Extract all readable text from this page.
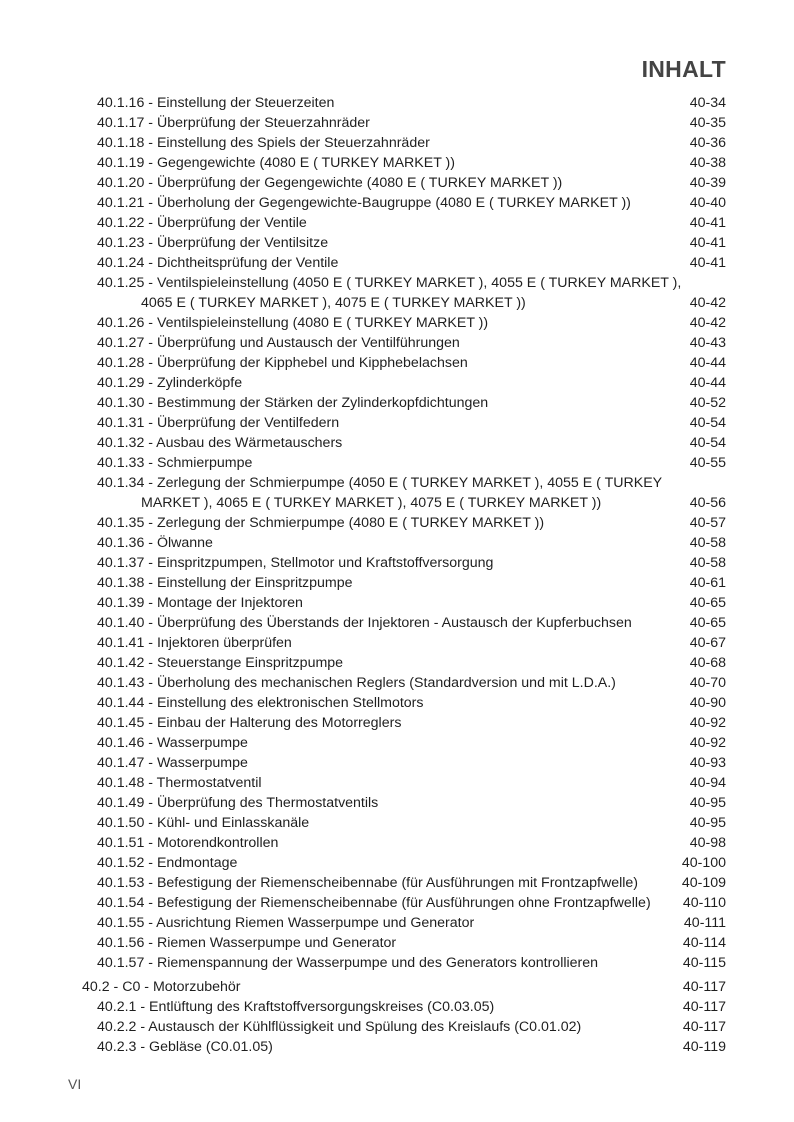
INHALT
40.1.16 - Einstellung der Steuerzeiten	40-34
40.1.17 - Überprüfung der Steuerzahnräder	40-35
40.1.18 - Einstellung des Spiels der Steuerzahnräder	40-36
40.1.19 - Gegengewichte (4080 E ( TURKEY MARKET ))	40-38
40.1.20 - Überprüfung der Gegengewichte (4080 E ( TURKEY MARKET ))	40-39
40.1.21 - Überholung der Gegengewichte-Baugruppe (4080 E ( TURKEY MARKET ))	40-40
40.1.22 - Überprüfung der Ventile	40-41
40.1.23 - Überprüfung der Ventilsitze	40-41
40.1.24 - Dichtheitsprüfung der Ventile	40-41
40.1.25 - Ventilspieleinstellung (4050 E ( TURKEY MARKET ), 4055 E ( TURKEY MARKET ), 4065 E ( TURKEY MARKET ), 4075 E ( TURKEY MARKET ))	40-42
40.1.26 - Ventilspieleinstellung (4080 E ( TURKEY MARKET ))	40-42
40.1.27 - Überprüfung und Austausch der Ventilführungen	40-43
40.1.28 - Überprüfung der Kipphebel und Kipphebelachsen	40-44
40.1.29 - Zylinderköpfe	40-44
40.1.30 - Bestimmung der Stärken der Zylinderkopfdichtungen	40-52
40.1.31 - Überprüfung der Ventilfedern	40-54
40.1.32 - Ausbau des Wärmetauschers	40-54
40.1.33 - Schmierpumpe	40-55
40.1.34 - Zerlegung der Schmierpumpe (4050 E ( TURKEY MARKET ), 4055 E ( TURKEY MARKET ), 4065 E ( TURKEY MARKET ), 4075 E ( TURKEY MARKET ))	40-56
40.1.35 - Zerlegung der Schmierpumpe (4080 E ( TURKEY MARKET ))	40-57
40.1.36 - Ölwanne	40-58
40.1.37 - Einspritzpumpen, Stellmotor und Kraftstoffversorgung	40-58
40.1.38 - Einstellung der Einspritzpumpe	40-61
40.1.39 - Montage der Injektoren	40-65
40.1.40 - Überprüfung des Überstands der Injektoren - Austausch der Kupferbuchsen	40-65
40.1.41 - Injektoren überprüfen	40-67
40.1.42 - Steuerstange Einspritzpumpe	40-68
40.1.43 - Überholung des mechanischen Reglers (Standardversion und mit L.D.A.)	40-70
40.1.44 - Einstellung des elektronischen Stellmotors	40-90
40.1.45 - Einbau der Halterung des Motorreglers	40-92
40.1.46 - Wasserpumpe	40-92
40.1.47 - Wasserpumpe	40-93
40.1.48 - Thermostatventil	40-94
40.1.49 - Überprüfung des Thermostatventils	40-95
40.1.50 - Kühl- und Einlasskanäle	40-95
40.1.51 - Motorendkontrollen	40-98
40.1.52 - Endmontage	40-100
40.1.53 - Befestigung der Riemenscheibennabe (für Ausführungen mit Frontzapfwelle)	40-109
40.1.54 - Befestigung der Riemenscheibennabe (für Ausführungen ohne Frontzapfwelle)	40-110
40.1.55 - Ausrichtung Riemen Wasserpumpe und Generator	40-111
40.1.56 - Riemen Wasserpumpe und Generator	40-114
40.1.57 - Riemenspannung der Wasserpumpe und des Generators kontrollieren	40-115
40.2 - C0 - Motorzubehör	40-117
40.2.1 - Entlüftung des Kraftstoffversorgungskreises (C0.03.05)	40-117
40.2.2 - Austausch der Kühlflüssigkeit und Spülung des Kreislaufs (C0.01.02)	40-117
40.2.3 - Gebläse (C0.01.05)	40-119
VI
